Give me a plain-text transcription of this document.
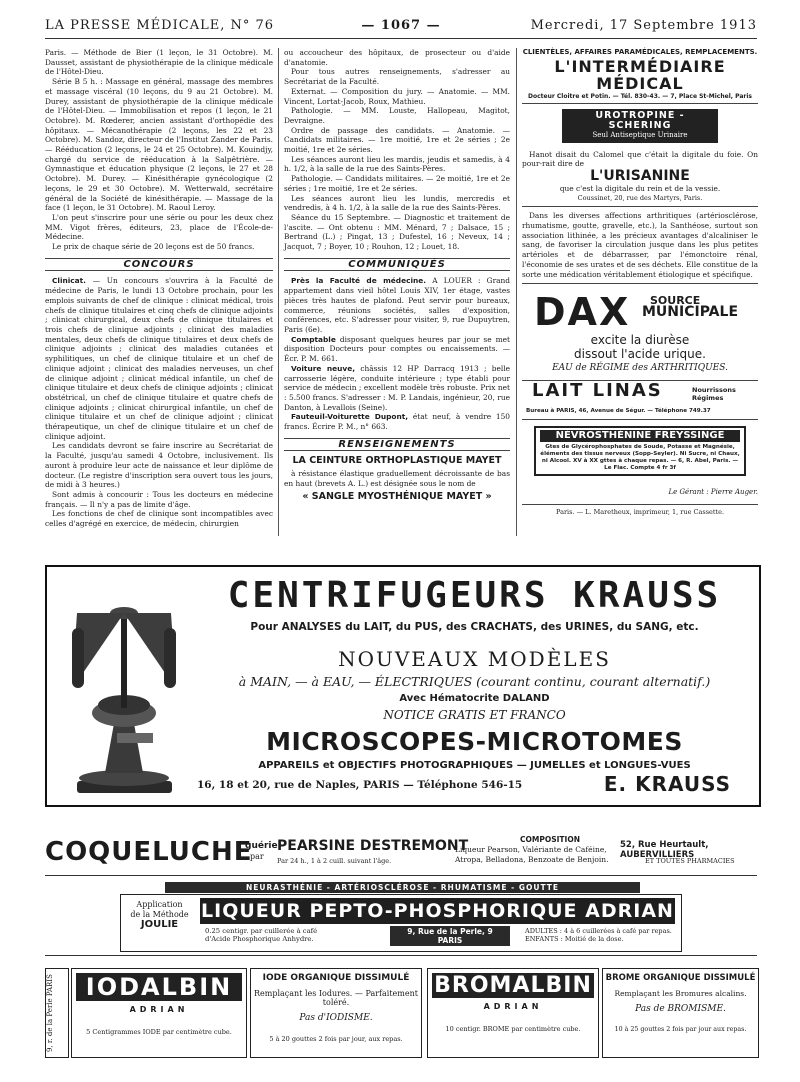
LA PRESSE MÉDICALE, N° 76	— 1067 —	Mercredi, 17 Septembre 1913

Paris. — Méthode de Bier (1 leçon, le 31 Octobre). M. Dausset, assistant de physiothérapie de la clinique médicale de l'Hôtel-Dieu.

Série B 5 h. : Massage en général, massage des membres et massage viscéral (10 leçons, du 9 au 21 Octobre). M. Durey, assistant de physiothérapie de la clinique médicale de l'Hôtel-Dieu. — Immobilisation et repos (1 leçon, le 21 Octobre). M. Rœderer, ancien assistant d'orthopédie des hôpitaux. — Mécanothérapie (2 leçons, les 22 et 23 Octobre). M. Sandoz, directeur de l'Institut Zander de Paris. — Rééducation (2 leçons, le 24 et 25 Octobre). M. Kouindjy, chargé du service de rééducation à la Salpêtrière. — Gymnastique et éducation physique (2 leçons, le 27 et 28 Octobre). M. Durey. — Kinésithérapie gynécologique (2 leçons, le 29 et 30 Octobre). M. Wetterwald, secrétaire général de la Société de kinésithérapie. — Massage de la face (1 leçon, le 31 Octobre). M. Raoul Leroy.

L'on peut s'inscrire pour une série ou pour les deux chez MM. Vigot frères, éditeurs, 23, place de l'École-de-Médecine.

Le prix de chaque série de 20 leçons est de 50 francs.

CONCOURS

Clinicat. — Un concours s'ouvrira à la Faculté de médecine de Paris, le lundi 13 Octobre prochain, pour les emplois suivants de chef de clinique : clinicat médical, trois chefs de clinique titulaires et cinq chefs de clinique adjoints ; clinicat chirurgical, deux chefs de clinique titulaires et trois chefs de clinique adjoints ; clinicat des maladies mentales, deux chefs de clinique titulaires et deux chefs de clinique adjoints ; clinicat des maladies cutanées et syphilitiques, un chef de clinique titulaire et un chef de clinique adjoint ; clinicat des maladies nerveuses, un chef de clinique adjoint ; clinicat médical infantile, un chef de clinique titulaire et deux chefs de clinique adjoints ; clinicat obstétrical, un chef de clinique titulaire et quatre chefs de clinique adjoints ; clinicat chirurgical infantile, un chef de clinique titulaire et un chef de clinique adjoint ; clinicat thérapeutique, un chef de clinique titulaire et un chef de clinique adjoint.

Les candidats devront se faire inscrire au Secrétariat de la Faculté, jusqu'au samedi 4 Octobre, inclusivement. Ils auront à produire leur acte de naissance et leur diplôme de docteur. (Le registre d'inscription sera ouvert tous les jours, de midi à 3 heures.)

Sont admis à concourir : Tous les docteurs en médecine français. — Il n'y a pas de limite d'âge.

Les fonctions de chef de clinique sont incompatibles avec celles d'agrégé en exercice, de médecin, chirurgien

ou accoucheur des hôpitaux, de prosecteur ou d'aide d'anatomie.

Pour tous autres renseignements, s'adresser au Secrétariat de la Faculté.

Externat. — Composition du jury. — Anatomie. — MM. Vincent, Lortat-Jacob, Roux, Mathieu.

Pathologie. — MM. Louste, Hallopeau, Magitot, Devraigne.

Ordre de passage des candidats. — Anatomie. — Candidats militaires. — 1re moitié, 1re et 2e séries ; 2e moitié, 1re et 2e séries.

Les séances auront lieu les mardis, jeudis et samedis, à 4 h. 1/2, à la salle de la rue des Saints-Pères.

Pathologie. — Candidats militaires. — 2e moitié, 1re et 2e séries ; 1re moitié, 1re et 2e séries.

Les séances auront lieu les lundis, mercredis et vendredis, à 4 h. 1/2, à la salle de la rue des Saints-Pères.

Séance du 15 Septembre. — Diagnostic et traitement de l'ascite. — Ont obtenu : MM. Ménard, 7 ; Dalsace, 15 ; Bertrand (L.) ; Pingat, 13 ; Dufestel, 16 ; Neveux, 14 ; Jacquot, 7 ; Boyer, 10 ; Rouhon, 12 ; Louet, 18.

COMMUNIQUÉS

Près la Faculté de médecine. A LOUER : Grand appartement dans vieil hôtel Louis XIV, 1er étage, vastes pièces très hautes de plafond. Peut servir pour bureaux, commerce, réunions sociétés, salles d'exposition, conférences, etc. S'adresser pour visiter, 9, rue Dupuytren, Paris (6e).

Comptable disposant quelques heures par jour se met disposition Docteurs pour comptes ou encaissements. — Écr. P. M. 661.

Voiture neuve, châssis 12 HP Darracq 1913 ; belle carrosserie légère, conduite intérieure ; type établi pour service de médecin ; excellent modèle très robuste. Prix net : 5.500 francs. S'adresser : M. P. Landais, ingénieur, 20, rue Danton, à Levallois (Seine).

Fauteuil-Voiturette Dupont, état neuf, à vendre 150 francs. Écrire P. M., n° 663.

RENSEIGNEMENTS
LA CEINTURE ORTHOPLASTIQUE MAYET

à résistance élastique graduellement décroissante de bas en haut (brevets A. L.) est désignée sous le nom de

« SANGLE MYOSTHÉNIQUE MAYET »
CLIENTÈLES, AFFAIRES PARAMÉDICALES, REMPLACEMENTS.
L'INTERMÉDIAIRE MÉDICAL
Docteur Cloitre et Potin. — Tél. 830-43. — 7, Place St-Michel, Paris
UROTROPINE - SCHERING
Seul Antiseptique Urinaire

Hanot disait du Calomel que c'était la digitale du foie. On pour-rait dire de

L'URISANINE

que c'est la digitale du rein et de la vessie.

Coussinet, 20, rue des Martyrs, Paris.

Dans les diverses affections arthritiques (artériosclérose, rhumatisme, goutte, gravelle, etc.), la Santhéose, surtout son association lithinée, a les précieux avantages d'alcaliniser le sang, de favoriser la circulation jusque dans les plus petites artérioles et de débarrasser, par l'émonctoire rénal, l'économie de ses urates et de ses déchets. Elle constitue de la sorte une médication véritablement étiologique et spécifique.

DAX SOURCE
MUNICIPALE
excite la diurèse
dissout l'acide urique.
EAU de RÉGIME des ARTHRITIQUES.
LAIT LINAS	Nourrissons Régimes
Bureau à PARIS, 46, Avenue de Ségur. — Téléphone 749.37
NÉVROSTHÉNINE FREYSSINGE
Gtes de Glycérophosphates de Soude, Potasse et Magnésie, éléments des tissus nerveux (Sopp-Seyler). Ni Sucre, ni Chaux, ni Alcool. XV à XX gttes à chaque repas. — 6, R. Abel, Paris. — Le Flac. Compte 4 fr 3f
Le Gérant : Pierre Auger.
Paris. — L. Maretheux, imprimeur, 1, rue Cassette.
CENTRIFUGEURS KRAUSS
Pour ANALYSES du LAIT, du PUS, des CRACHATS, des URINES, du SANG, etc.
NOUVEAUX MODÈLES
à MAIN, — à EAU, — ÉLECTRIQUES (courant continu, courant alternatif.)
Avec Hématocrite DALAND
NOTICE GRATIS ET FRANCO
MICROSCOPES-MICROTOMES
APPAREILS et OBJECTIFS PHOTOGRAPHIQUES — JUMELLES et LONGUES-VUES
16, 18 et 20, rue de Naples, PARIS — Téléphone 546-15	E. KRAUSS
COQUELUCHE
guérie
par
PEARSINE DESTREMONT
Par 24 h., 1 à 2 cuill. suivant l'âge.
COMPOSITION
Liqueur Pearson, Valériante de Caféine,
Atropa, Belladona, Benzoate de Benjoin.
52, Rue Heurtault, AUBERVILLIERS
ET TOUTES PHARMACIES
NEURASTHÉNIE - ARTÉRIOSCLÉROSE - RHUMATISME - GOUTTE
Application
de la Méthode
JOULIE
LIQUEUR PEPTO-PHOSPHORIQUE ADRIAN
0.25 centigr. par cuillerée à café
d'Acide Phosphorique Anhydre.
9, Rue de la Perle, 9
PARIS
ADULTES : 4 à 6 cuillerées à café par repas.
ENFANTS : Moitié de la dose.
9, r. de la Perle PARIS	IODALBIN
ADRIAN
5 Centigrammes IODE par centimètre cube.
IODE ORGANIQUE DISSIMULÉ
Remplaçant les Iodures. — Parfaitement toléré.
Pas d'IODISME.
5 à 20 gouttes 2 fois par jour, aux repas.
BROMALBIN
ADRIAN
10 centigr. BROME par centimètre cube.
BROME ORGANIQUE DISSIMULÉ
Remplaçant les Bromures alcalins.
Pas de BROMISME.
10 à 25 gouttes 2 fois par jour aux repas.
